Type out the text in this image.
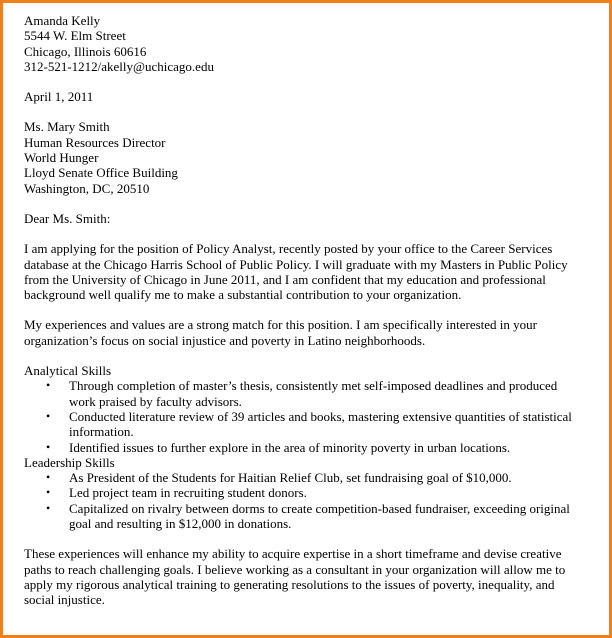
Amanda Kelly
5544 W. Elm Street
Chicago, Illinois 60616
312-521-1212/akelly@uchicago.edu
April 1, 2011
Ms. Mary Smith
Human Resources Director
World Hunger
Lloyd Senate Office Building
Washington, DC, 20510
Dear Ms. Smith:
I am applying for the position of Policy Analyst, recently posted by your office to the Career Services
database at the Chicago Harris School of Public Policy. I will graduate with my Masters in Public Policy
from the University of Chicago in June 2011, and I am confident that my education and professional
background well qualify me to make a substantial contribution to your organization.
My experiences and values are a strong match for this position. I am specifically interested in your
organization’s focus on social injustice and poverty in Latino neighborhoods.
Analytical Skills
• Through completion of master’s thesis, consistently met self-imposed deadlines and produced
work praised by faculty advisors.
• Conducted literature review of 39 articles and books, mastering extensive quantities of statistical
information.
• Identified issues to further explore in the area of minority poverty in urban locations.
Leadership Skills
• As President of the Students for Haitian Relief Club, set fundraising goal of $10,000.
• Led project team in recruiting student donors.
• Capitalized on rivalry between dorms to create competition-based fundraiser, exceeding original
goal and resulting in $12,000 in donations.
These experiences will enhance my ability to acquire expertise in a short timeframe and devise creative
paths to reach challenging goals. I believe working as a consultant in your organization will allow me to
apply my rigorous analytical training to generating resolutions to the issues of poverty, inequality, and
social injustice.
